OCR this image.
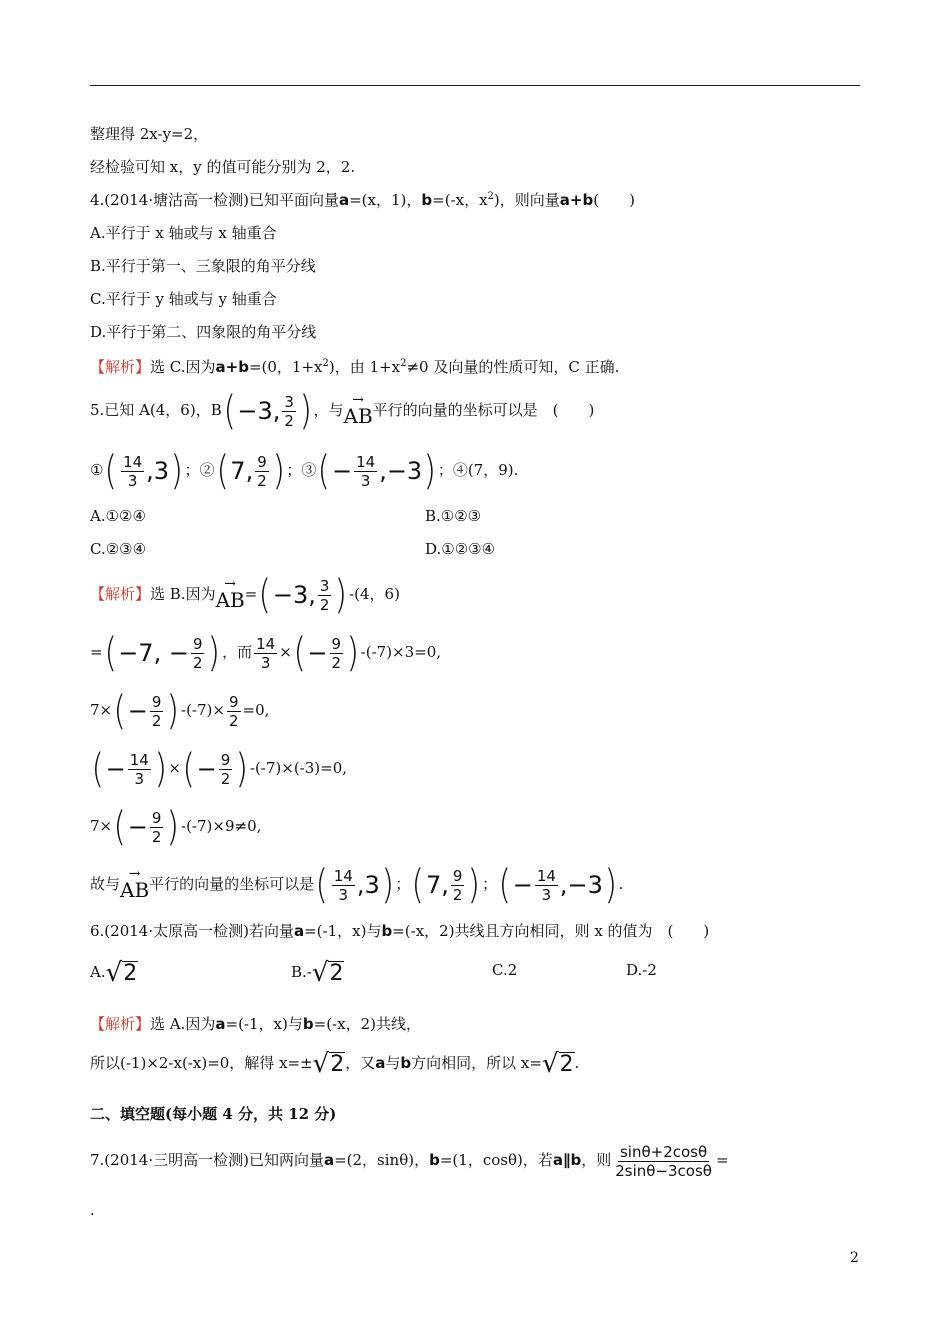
整理得 2x-y=2，
经检验可知 x，y 的值可能分别为 2，2.
4.(2014·塘沽高一检测)已知平面向量a=(x，1)，b=(-x，$x^2$)，则向量a+b(　　)
A.平行于 x 轴或与 x 轴重合
B.平行于第一、三象限的角平分线
C.平行于 y 轴或与 y 轴重合
D.平行于第二、四象限的角平分线
【解析】选 C.因为a+b=(0，$1+x^2$)，由 $1+x^2\ne 0$ 及向量的性质可知，C 正确.
5.已知 A(4，6)，B ( −3, $\frac{3}{2}$ ) ，与
→
AB 平行的向量的坐标可以是　(　　)
① ( $\frac{14}{3} ,3$ ) ；② ( 7, $\frac{9}{2}$ ) ；③ ( − $\frac{14}{3} ,-3$ ) ；④(7，9).
A.①②④	B.①②③
C.②③④	D.①②③④
【解析】选 B.因为
→
AB = ( −3, $\frac{3}{2}$ ) -(4，6)
= ( −7, − $\frac{9}{2}$ ) ，而 $\frac{14}{3}$ × ( − $\frac{9}{2}$ ) -(-7)×3=0,
7× ( − $\frac{9}{2}$ ) $-(-7)\times \frac{9}{2} =0$,
( − $\frac{14}{3}$ ) × ( − $\frac{9}{2}$ ) -(-7)×(-3)=0,
7× ( − $\frac{9}{2}$ ) -(-7)×9≠0,
故与
→
AB 平行的向量的坐标可以是 ( $\frac{14}{3} ,3$ ) ； ( 7, $\frac{9}{2}$ ) ； ( − $\frac{14}{3} ,-3$ ) .
6.(2014·太原高一检测)若向量a=(-1，x)与b=(-x，2)共线且方向相同，则 x 的值为　(　　)
A. √ 2	B.- √ 2	C.2	D.-2
【解析】选 A.因为a=(-1，x)与b=(-x，2)共线，
所以(-1)×2-x(-x)=0，解得 x=± √ 2 ，又a与b方向相同，所以 x= √ 2 .
二、填空题(每小题 4 分，共 12 分)
7.(2014·三明高一检测)已知两向量a=(2，sinθ)，b=(1，cosθ)，若a∥b，则 $\frac{\sin\theta+2\cos\theta}{2\sin\theta-3\cos\theta}$ =
.
2
